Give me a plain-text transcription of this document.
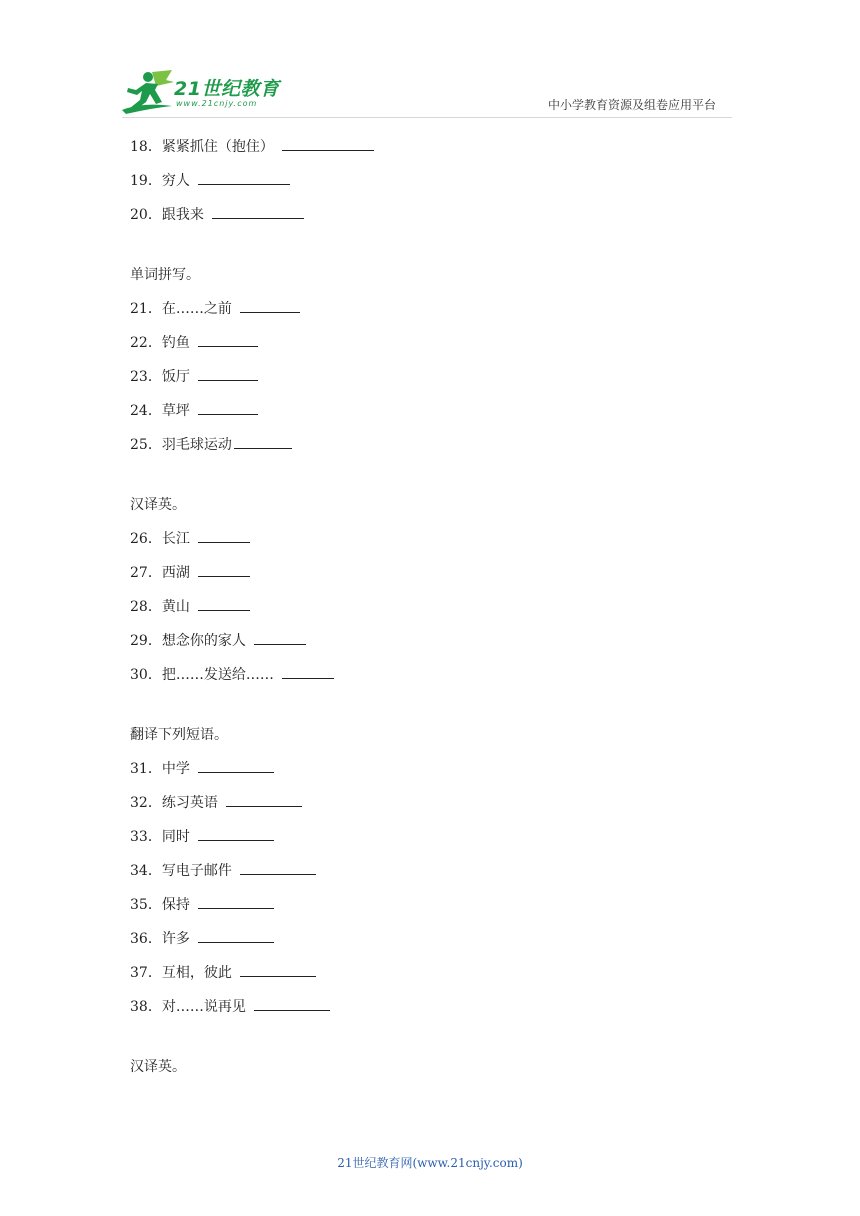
21世纪教育
www.21cnjy.com	中小学教育资源及组卷应用平台
18．紧紧抓住（抱住）
19．穷人
20．跟我来
单词拼写。
21．在……之前
22．钓鱼
23．饭厅
24．草坪
25．羽毛球运动
汉译英。
26．长江
27．西湖
28．黄山
29．想念你的家人
30．把……发送给……
翻译下列短语。
31．中学
32．练习英语
33．同时
34．写电子邮件
35．保持
36．许多
37．互相，彼此
38．对……说再见
汉译英。
21世纪教育网(www.21cnjy.com)
